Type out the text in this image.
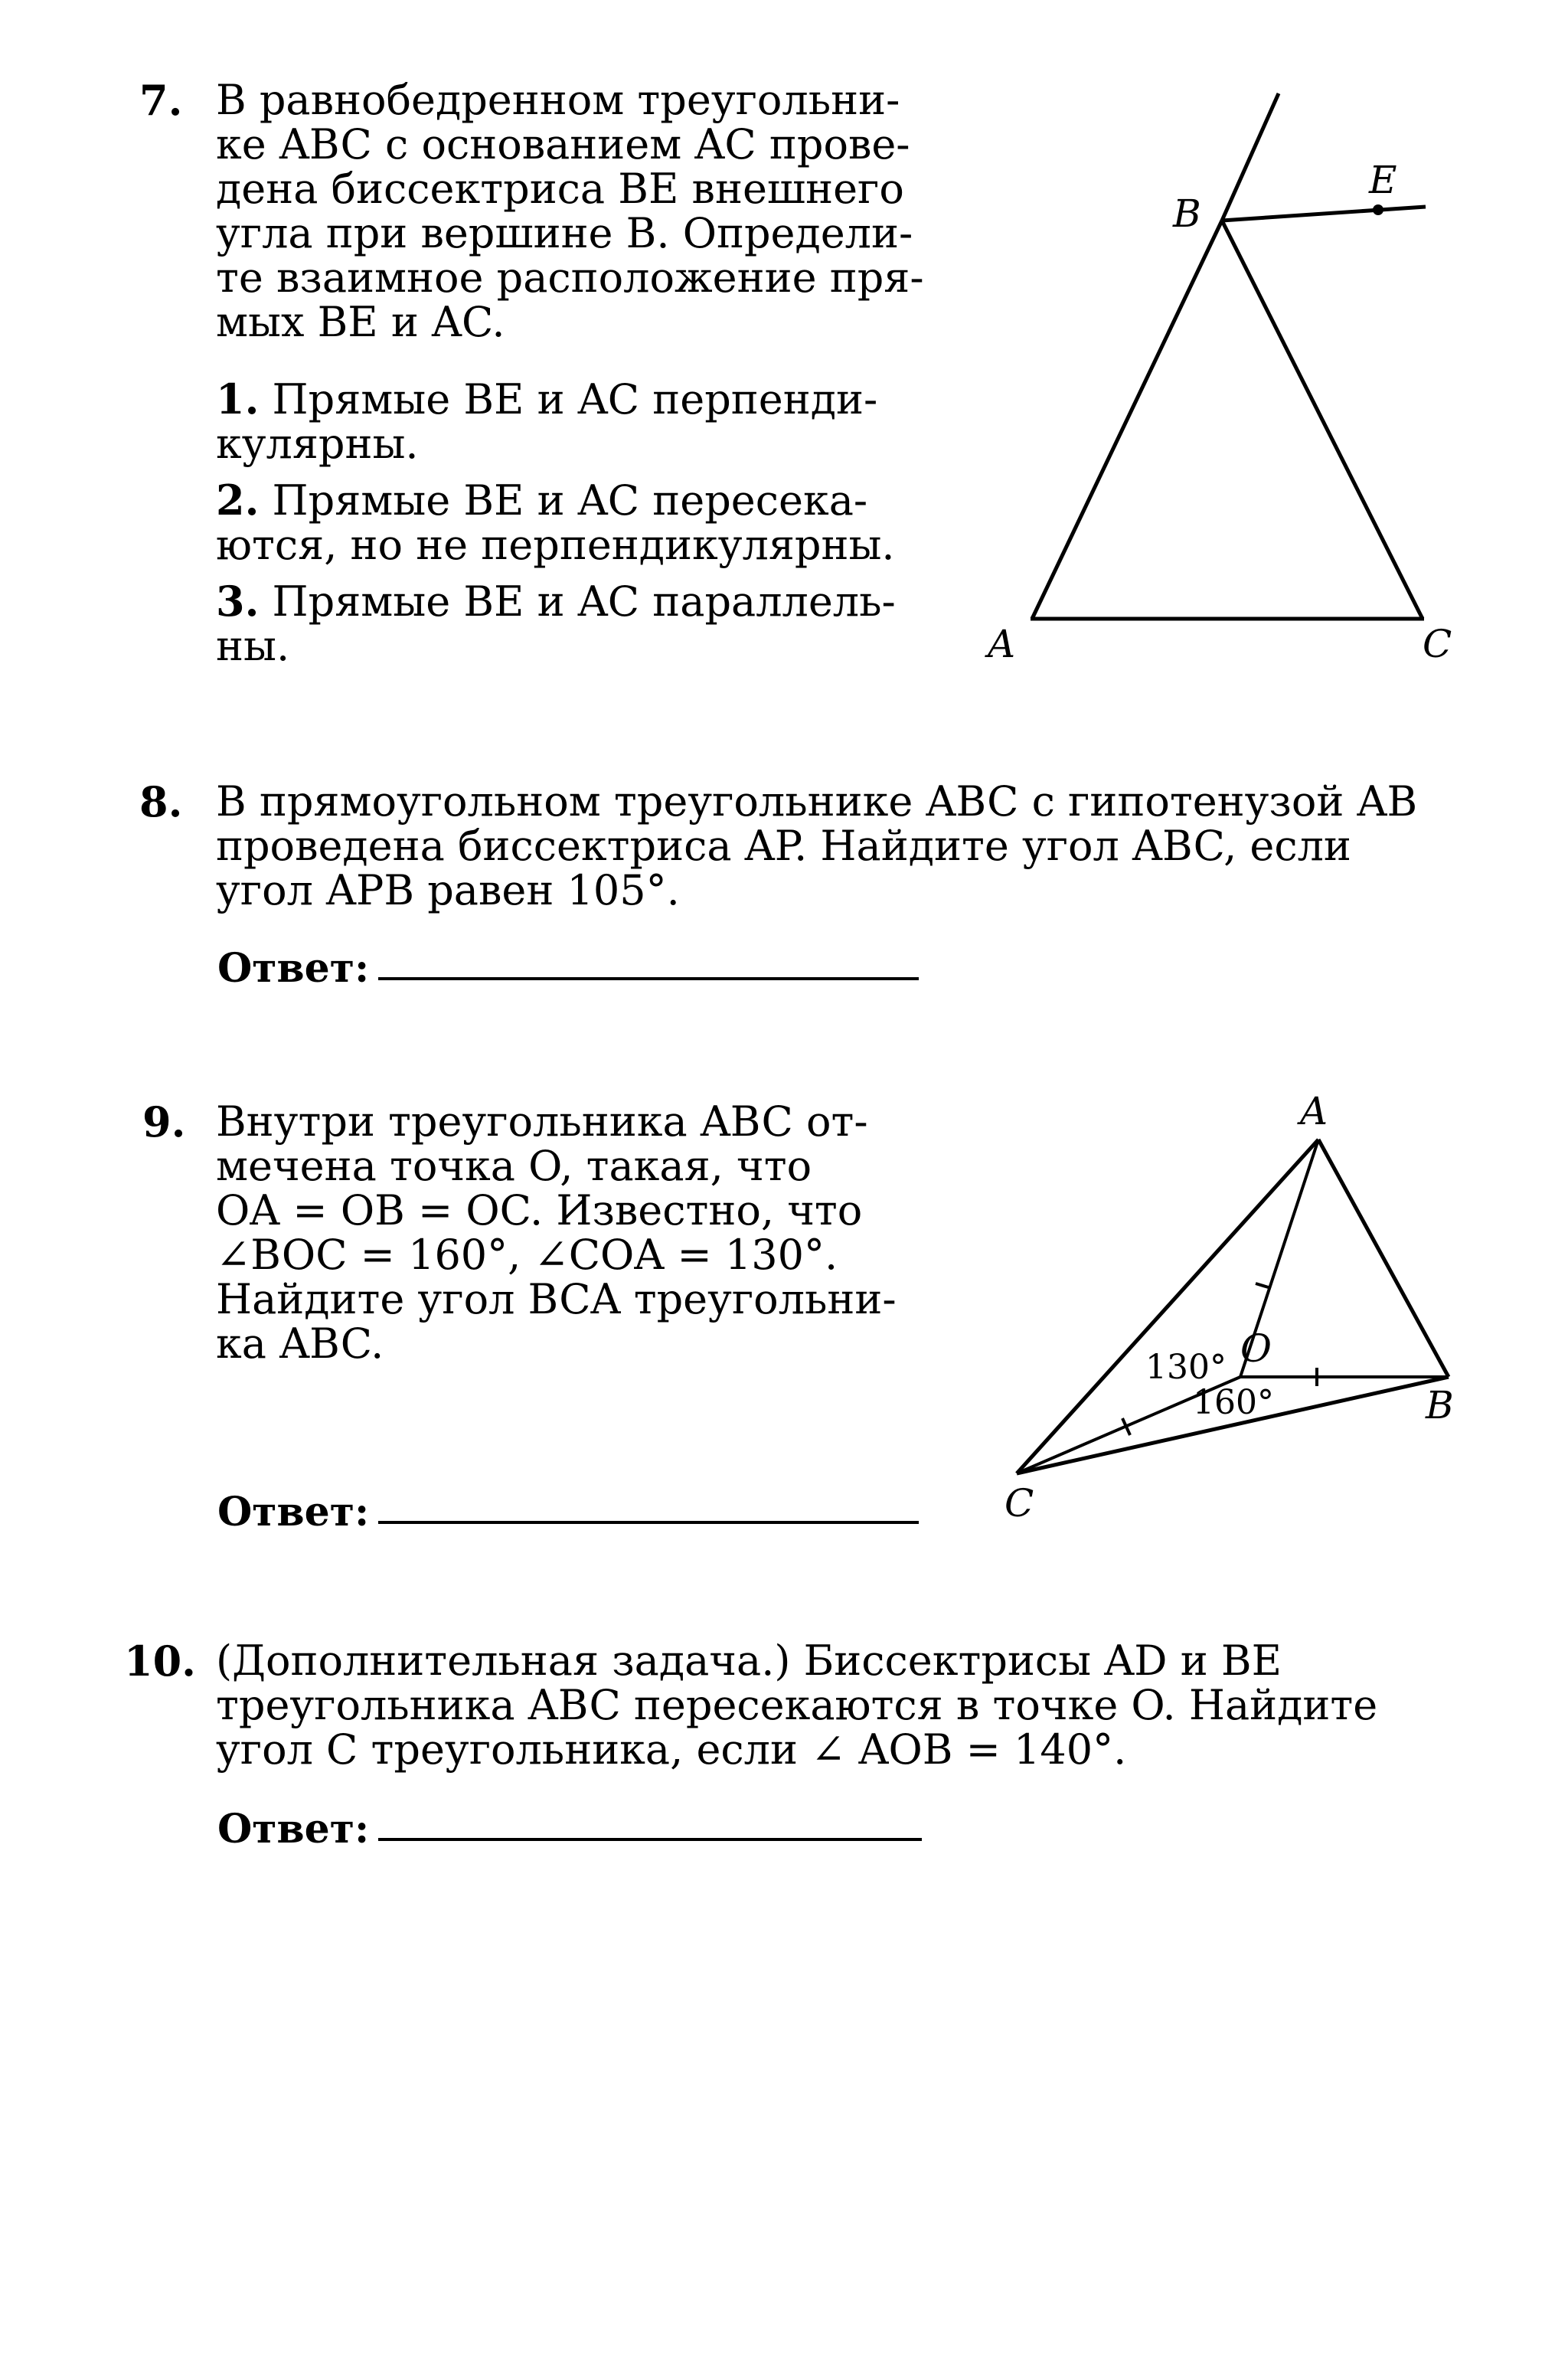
7. В равнобедренном треугольни-
ке ABC с основанием AC прове-
дена биссектриса BE внешнего
угла при вершине B. Определи-
те взаимное расположение пря-
мых BE и AC.
1. Прямые BE и AC перпенди-
кулярны.
2. Прямые BE и AC пересека-
ются, но не перпендикулярны.
3. Прямые BE и AC параллель-
ны.
B
E
A	C
8. В прямоугольном треугольнике ABC с гипотенузой AB
проведена биссектриса AP. Найдите угол ABC, если
угол APB равен 105°.
Ответ:
9. Внутри треугольника ABC от-
мечена точка O, такая, что
OA = OB = OC. Известно, что
∠BOC = 160°, ∠COA = 130°.
Найдите угол BCA треугольни-
ка ABC.
Ответ:
A
B
C
O
130°
160°
10. (Дополнительная задача.) Биссектрисы AD и BE
треугольника ABC пересекаются в точке O. Найдите
угол C треугольника, если ∠ AOB = 140°.
Ответ:
